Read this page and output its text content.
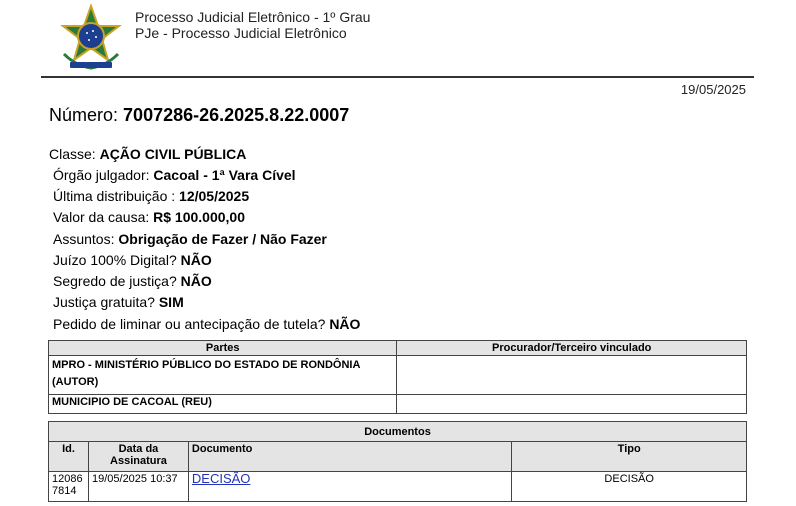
Processo Judicial Eletrônico - 1º Grau
PJe - Processo Judicial Eletrônico
19/05/2025
Número: 7007286-26.2025.8.22.0007
Classe: AÇÃO CIVIL PÚBLICA
Órgão julgador: Cacoal - 1ª Vara Cível
Última distribuição : 12/05/2025
Valor da causa: R$ 100.000,00
Assuntos: Obrigação de Fazer / Não Fazer
Juízo 100% Digital? NÃO
Segredo de justiça? NÃO
Justiça gratuita? SIM
Pedido de liminar ou antecipação de tutela? NÃO
Partes	Procurador/Terceiro vinculado
MPRO - MINISTÉRIO PÚBLICO DO ESTADO DE RONDÔNIA (AUTOR)	
MUNICIPIO DE CACOAL (REU)	
Documentos			
Id.	Data da Assinatura	Documento	Tipo
12086 7814	19/05/2025 10:37	DECISÃO	DECISÃO
